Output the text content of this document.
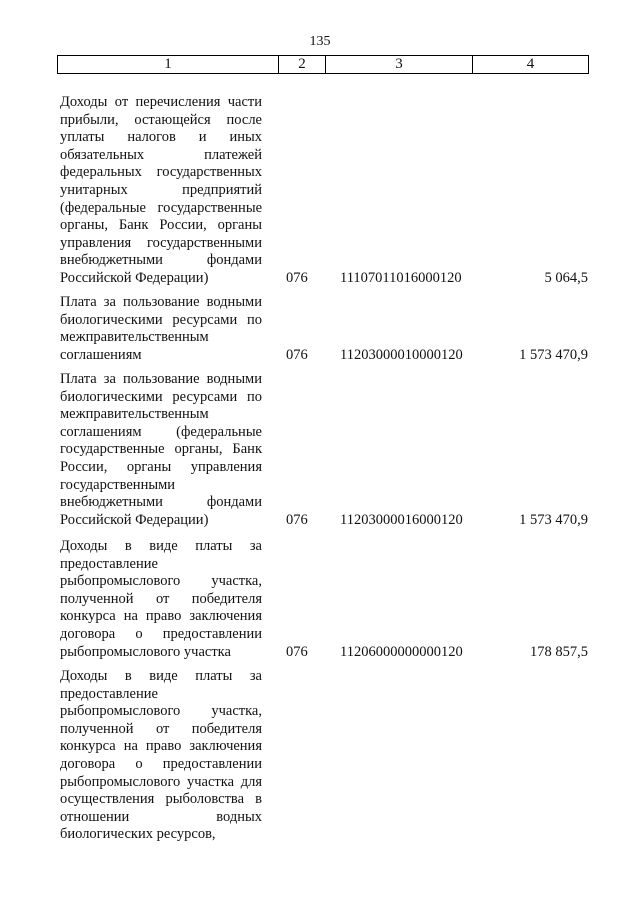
135
1	2	3	4
Доходы от перечисления части
прибыли, остающейся после
уплаты налогов и иных
обязательных платежей
федеральных государственных
унитарных предприятий
(федеральные государственные
органы, Банк России, органы
управления государственными
внебюджетными фондами
Российской Федерации)	076	11107011016000120	5 064,5
Плата за пользование водными
биологическими ресурсами по
межправительственным
соглашениям	076	11203000010000120	1 573 470,9
Плата за пользование водными
биологическими ресурсами по
межправительственным
соглашениям (федеральные
государственные органы, Банк
России, органы управления
государственными
внебюджетными фондами
Российской Федерации)	076	11203000016000120	1 573 470,9
Доходы в виде платы за
предоставление
рыбопромыслового участка,
полученной от победителя
конкурса на право заключения
договора о предоставлении
рыбопромыслового участка	076	11206000000000120	178 857,5
Доходы в виде платы за
предоставление
рыбопромыслового участка,
полученной от победителя
конкурса на право заключения
договора о предоставлении
рыбопромыслового участка для
осуществления рыболовства в
отношении водных
биологических ресурсов,
